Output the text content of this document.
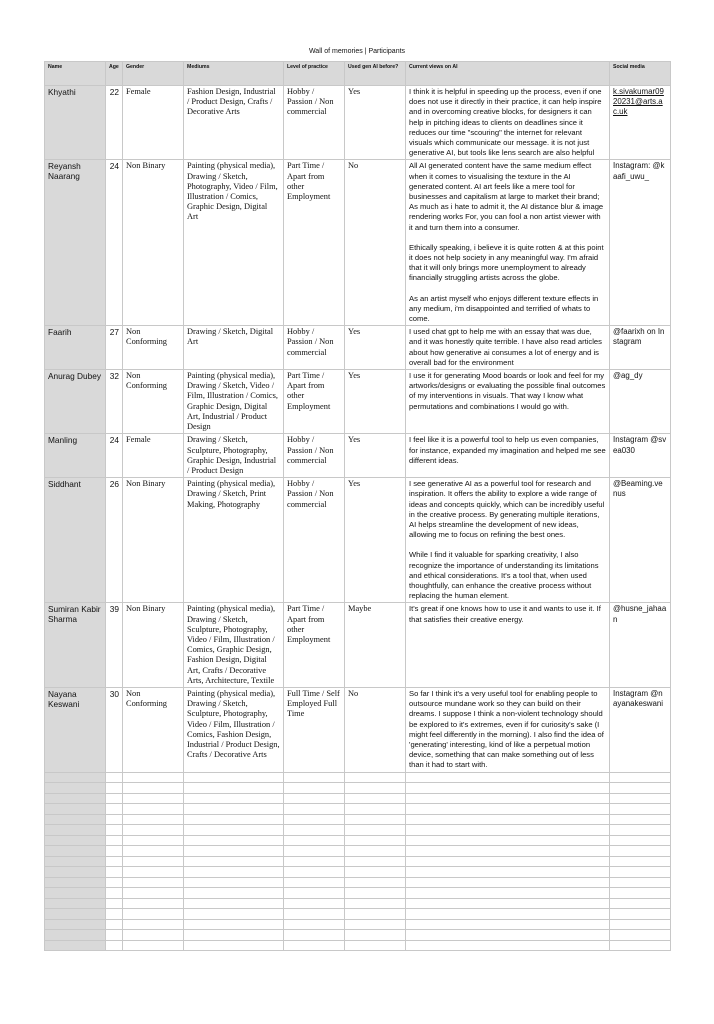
Wall of memories | Participants
Name	Age	Gender	Mediums	Level of practice	Used gen AI before?	Current views on AI	Social media
Khyathi	22	Female	Fashion Design, Industrial / Product Design, Crafts / Decorative Arts	Hobby / Passion / Non commercial	Yes	I think it is helpful in speeding up the process, even if one does not use it directly in their practice, it can help inspire and in overcoming creative blocks, for designers it can help in pitching ideas to clients on deadlines since it reduces our time "scouring" the internet for relevant visuals which communicate our message. it is not just generative AI, but tools like lens search are also helpful	k.sivakumar0920231@arts.ac.uk
Reyansh Naarang	24	Non Binary	Painting (physical media), Drawing / Sketch, Photography, Video / Film, Illustration / Comics, Graphic Design, Digital Art	Part Time / Apart from other Employment	No	All AI generated content have the same medium effect when it comes to visualising the texture in the AI generated content. AI art feels like a mere tool for businesses and capitalism at large to market their brand; As much as i hate to admit it, the AI distance blur & image rendering works For, you can fool a non artist viewer with it and turn them into a consumer.
Ethically speaking, i believe it is quite rotten & at this point it does not help society in any meaningful way. I'm afraid that it will only brings more unemployment to already financially struggling artists across the globe.
As an artist myself who enjoys different texture effects in any medium, i'm disappointed and terrified of whats to come.	Instagram: @kaafi_uwu_
Faarih	27	Non Conforming	Drawing / Sketch, Digital Art	Hobby / Passion / Non commercial	Yes	I used chat gpt to help me with an essay that was due, and it was honestly quite terrible. I have also read articles about how generative ai consumes a lot of energy and is overall bad for the environment	@faarixh on Instagram
Anurag Dubey	32	Non Conforming	Painting (physical media), Drawing / Sketch, Video / Film, Illustration / Comics, Graphic Design, Digital Art, Industrial / Product Design	Part Time / Apart from other Employment	Yes	I use it for generating Mood boards or look and feel for my artworks/designs or evaluating the possible final outcomes of my interventions in visuals. That way I know what permutations and combinations I would go with.	@ag_dy
Manling	24	Female	Drawing / Sketch, Sculpture, Photography, Graphic Design, Industrial / Product Design	Hobby / Passion / Non commercial	Yes	I feel like it is a powerful tool to help us even companies, for instance, expanded my imagination and helped me see different ideas.	Instagram @svea030
Siddhant	26	Non Binary	Painting (physical media), Drawing / Sketch, Print Making, Photography	Hobby / Passion / Non commercial	Yes	I see generative AI as a powerful tool for research and inspiration. It offers the ability to explore a wide range of ideas and concepts quickly, which can be incredibly useful in the creative process. By generating multiple iterations, AI helps streamline the development of new ideas, allowing me to focus on refining the best ones.
While I find it valuable for sparking creativity, I also recognize the importance of understanding its limitations and ethical considerations. It's a tool that, when used thoughtfully, can enhance the creative process without replacing the human element.	@Beaming.venus
Sumiran Kabir Sharma	39	Non Binary	Painting (physical media), Drawing / Sketch, Sculpture, Photography, Video / Film, Illustration / Comics, Graphic Design, Fashion Design, Digital Art, Crafts / Decorative Arts, Architecture, Textile	Part Time / Apart from other Employment	Maybe	It's great if one knows how to use it and wants to use it. If that satisfies their creative energy.	@husne_jahaan
Nayana Keswani	30	Non Conforming	Painting (physical media), Drawing / Sketch, Sculpture, Photography, Video / Film, Illustration / Comics, Fashion Design, Industrial / Product Design, Crafts / Decorative Arts	Full Time / Self Employed Full Time	No	So far I think it's a very useful tool for enabling people to outsource mundane work so they can build on their dreams. I suppose I think a non-violent technology should be explored to it's extremes, even if for curiosity's sake (I might feel differently in the morning). I also find the idea of 'generating' interesting, kind of like a perpetual motion device, something that can make something out of less than it had to start with.	Instagram @nayanakeswani
